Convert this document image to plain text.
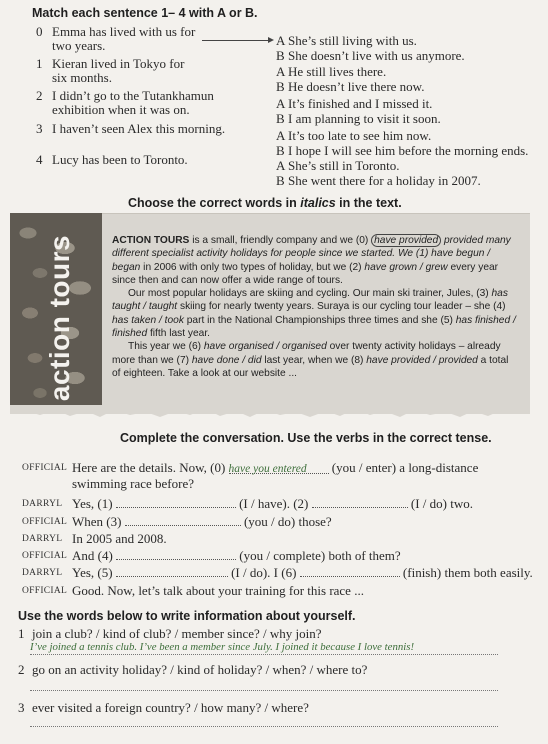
Match each sentence 1– 4 with A or B.
0 Emma has lived with us for
two years.	A She’s still living with us.
B She doesn’t live with us anymore.
1 Kieran lived in Tokyo for
six months.	A He still lives there.
B He doesn’t live there now.
2 I didn’t go to the Tutankhamun
exhibition when it was on.	A It’s finished and I missed it.
B I am planning to visit it soon.
3 I haven’t seen Alex this morning.	A It’s too late to see him now.
B I hope I will see him before the morning ends.
4 Lucy has been to Toronto.	A She’s still in Toronto.
B She went there for a holiday in 2007.
Choose the correct words in italics in the text.
action tours	ACTION TOURS is a small, friendly company and we (0) have provided provided many different specialist activity holidays for people since we started. We (1) have begun / began in 2006 with only two types of holiday, but we (2) have grown / grew every year since then and can now offer a wide range of tours.

Our most popular holidays are skiing and cycling. Our main ski trainer, Jules, (3) has taught / taught skiing for nearly twenty years. Suraya is our cycling tour leader – she (4) has taken / took part in the National Championships three times and she (5) has finished / finished fifth last year.

This year we (6) have organised / organised over twenty activity holidays – already more than we (7) have done / did last year, when we (8) have provided / provided a total of eighteen. Take a look at our website ...

Complete the conversation. Use the verbs in the correct tense.
OFFICIAL Here are the details. Now, (0) have you entered (you / enter) a long-distance
swimming race before?
DARRYL Yes, (1)	(I / have). (2)	(I / do) two.
OFFICIAL When (3)	(you / do) those?
DARRYL In 2005 and 2008.
OFFICIAL And (4)	(you / complete) both of them?
DARRYL Yes, (5)	(I / do). I (6)	(finish) them both easily.
OFFICIAL Good. Now, let’s talk about your training for this race ...
Use the words below to write information about yourself.
1 join a club? / kind of club? / member since? / why join?
I’ve joined a tennis club. I’ve been a member since July. I joined it because I love tennis!
2 go on an activity holiday? / kind of holiday? / when? / where to?
3 ever visited a foreign country? / how many? / where?
